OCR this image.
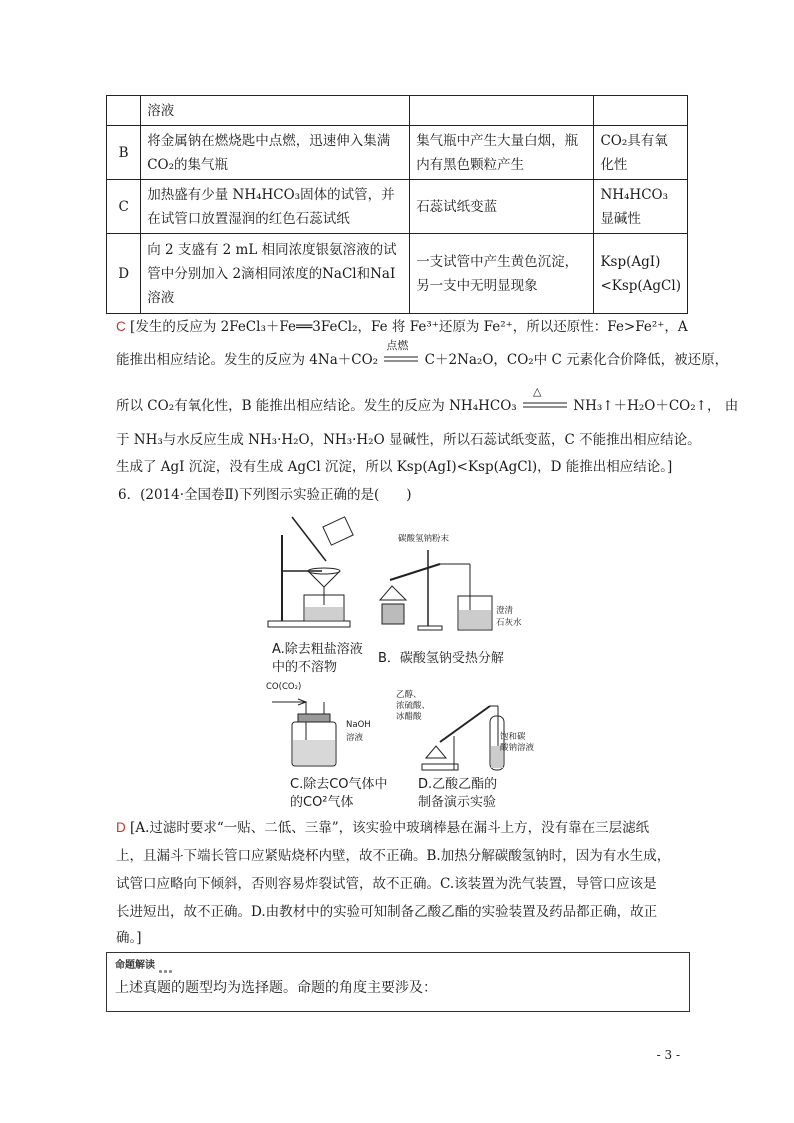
	溶液		
B	将金属钠在燃烧匙中点燃，迅速伸入集满CO₂的集气瓶	集气瓶中产生大量白烟，瓶内有黑色颗粒产生	CO₂具有氧化性
C	加热盛有少量 NH₄HCO₃固体的试管，并在试管口放置湿润的红色石蕊试纸	石蕊试纸变蓝	NH₄HCO₃显碱性
D	向 2 支盛有 2 mL 相同浓度银氨溶液的试管中分别加入 2滴相同浓度的NaCl和NaI溶液	一支试管中产生黄色沉淀，另一支中无明显现象	Ksp(AgI)<Ksp(AgCl)
C [发生的反应为 2FeCl₃＋Fe══3FeCl₂，Fe 将 Fe³⁺还原为 Fe²⁺，所以还原性：Fe>Fe²⁺，A
能推出相应结论。发生的反应为 4Na＋CO₂
点燃
C＋2Na₂O，CO₂中 C 元素化合价降低，被还原，
所以 CO₂有氧化性，B 能推出相应结论。发生的反应为 NH₄HCO₃
△
NH₃↑＋H₂O＋CO₂↑， 由
于 NH₃与水反应生成 NH₃·H₂O，NH₃·H₂O 显碱性，所以石蕊试纸变蓝，C 不能推出相应结论。
生成了 AgI 沉淀，没有生成 AgCl 沉淀，所以 Ksp(AgI)<Ksp(AgCl)，D 能推出相应结论。]
6．(2014·全国卷Ⅱ)下列图示实验正确的是(　　)
A.除去粗盐溶液
中的不溶物
碳酸氢钠粉末
澄清
石灰水
B．碳酸氢钠受热分解
CO(CO₂)
NaOH
溶液
C.除去CO气体中
的CO²气体
乙醇、
浓硫酸、
冰醋酸
饱和碳
酸钠溶液
D.乙酸乙酯的
制备演示实验
D [A.过滤时要求“一贴、二低、三靠”，该实验中玻璃棒悬在漏斗上方，没有靠在三层滤纸
上，且漏斗下端长管口应紧贴烧杯内壁，故不正确。B.加热分解碳酸氢钠时，因为有水生成，
试管口应略向下倾斜，否则容易炸裂试管，故不正确。C.该装置为洗气装置，导管口应该是
长进短出，故不正确。D.由教材中的实验可知制备乙酸乙酯的实验装置及药品都正确，故正
确。]
命题解读
上述真题的题型均为选择题。命题的角度主要涉及：
- 3 -
